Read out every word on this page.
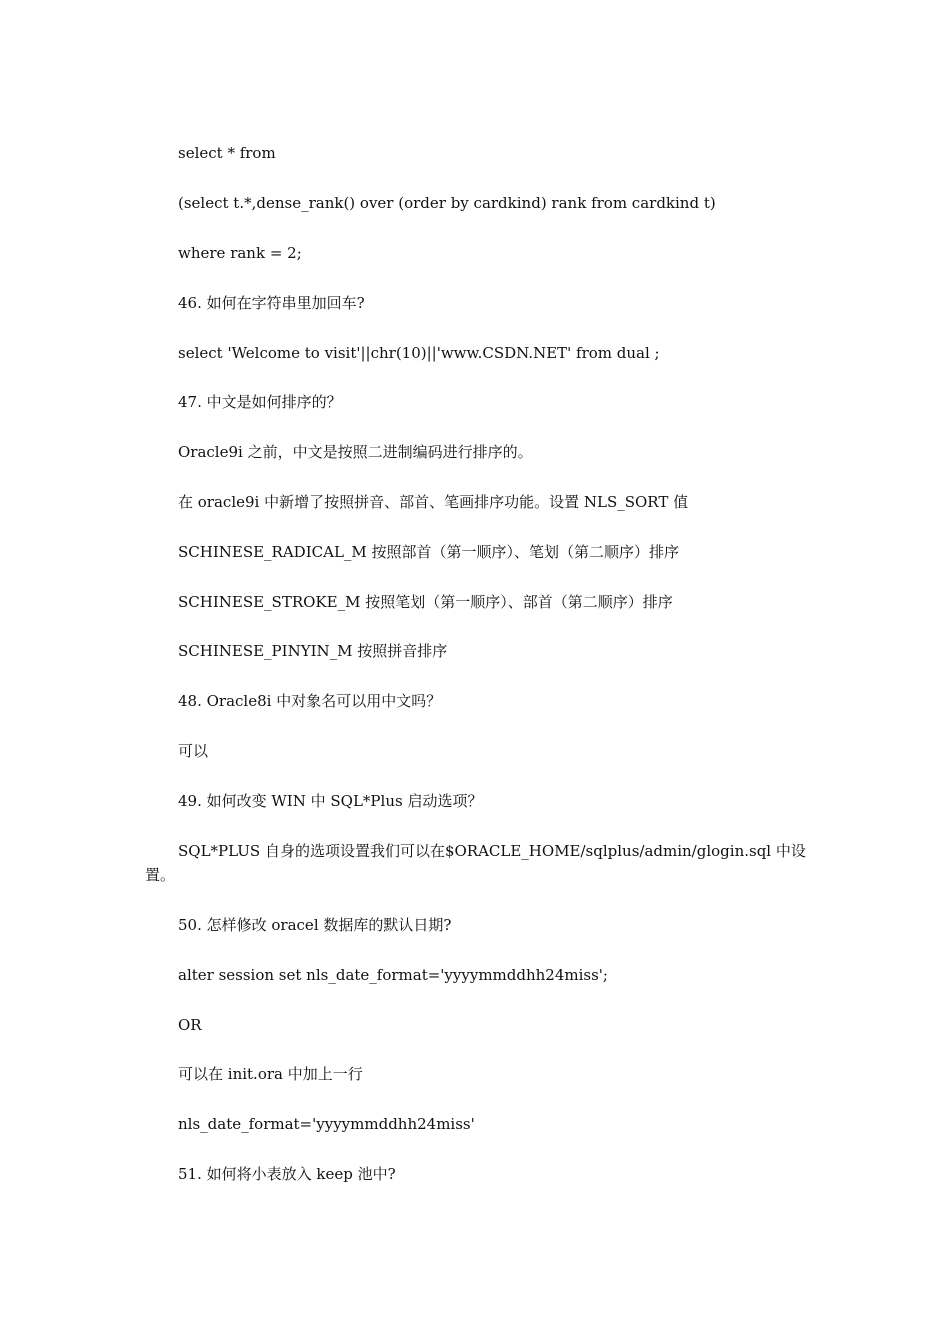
select * from
(select t.*,dense_rank() over (order by cardkind) rank from cardkind t)
where rank = 2;
46. 如何在字符串里加回车?
select 'Welcome to visit'||chr(10)||'www.CSDN.NET' from dual ;
47. 中文是如何排序的？
Oracle9i 之前，中文是按照二进制编码进行排序的。
在 oracle9i 中新增了按照拼音、部首、笔画排序功能。设置 NLS_SORT 值
SCHINESE_RADICAL_M 按照部首（第一顺序）、笔划（第二顺序）排序
SCHINESE_STROKE_M 按照笔划（第一顺序）、部首（第二顺序）排序
SCHINESE_PINYIN_M 按照拼音排序
48. Oracle8i 中对象名可以用中文吗？
可以
49. 如何改变 WIN 中 SQL*Plus 启动选项？
SQL*PLUS 自身的选项设置我们可以在$ORACLE_HOME/sqlplus/admin/glogin.sql 中设
置。
50. 怎样修改 oracel 数据库的默认日期?
alter session set nls_date_format='yyyymmddhh24miss';
OR
可以在 init.ora 中加上一行
nls_date_format='yyyymmddhh24miss'
51. 如何将小表放入 keep 池中?
